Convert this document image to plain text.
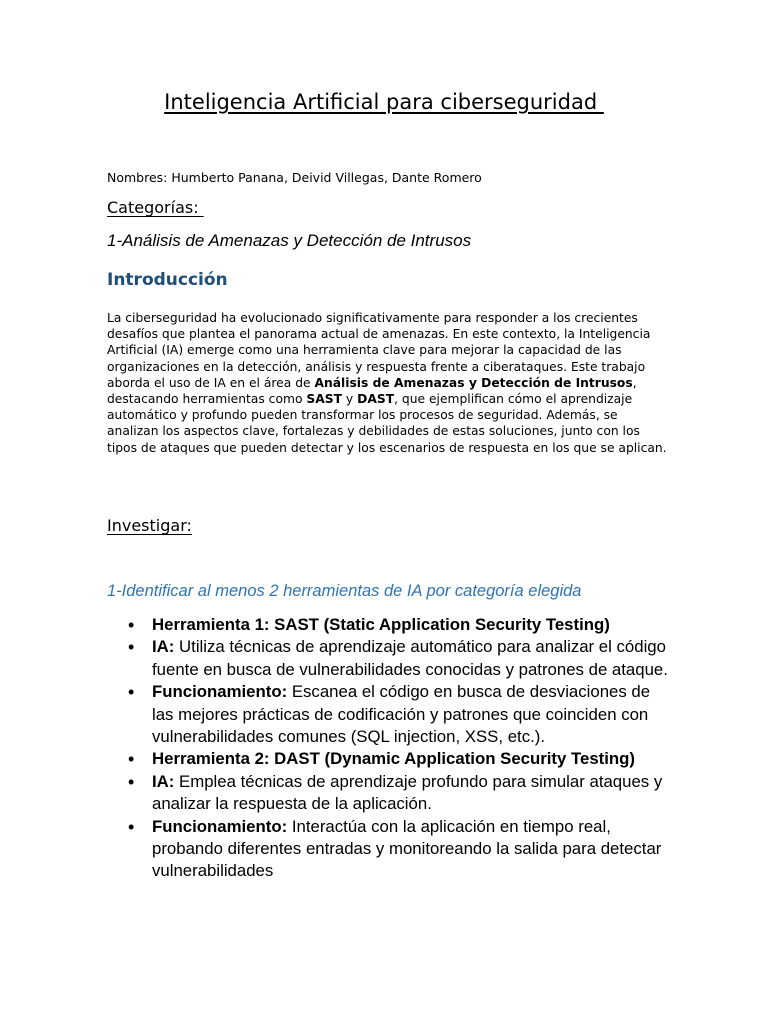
Inteligencia Artificial para ciberseguridad
Nombres: Humberto Panana, Deivid Villegas, Dante Romero
Categorías:
1-Análisis de Amenazas y Detección de Intrusos
Introducción

La ciberseguridad ha evolucionado significativamente para responder a los crecientes desafíos que plantea el panorama actual de amenazas. En este contexto, la Inteligencia Artificial (IA) emerge como una herramienta clave para mejorar la capacidad de las organizaciones en la detección, análisis y respuesta frente a ciberataques. Este trabajo aborda el uso de IA en el área de Análisis de Amenazas y Detección de Intrusos, destacando herramientas como SAST y DAST, que ejemplifican cómo el aprendizaje automático y profundo pueden transformar los procesos de seguridad. Además, se analizan los aspectos clave, fortalezas y debilidades de estas soluciones, junto con los tipos de ataques que pueden detectar y los escenarios de respuesta en los que se aplican.

Investigar:
1-Identificar al menos 2 herramientas de IA por categoría elegida
• Herramienta 1: SAST (Static Application Security Testing)
• IA: Utiliza técnicas de aprendizaje automático para analizar el código fuente en busca de vulnerabilidades conocidas y patrones de ataque.
• Funcionamiento: Escanea el código en busca de desviaciones de las mejores prácticas de codificación y patrones que coinciden con vulnerabilidades comunes (SQL injection, XSS, etc.).
• Herramienta 2: DAST (Dynamic Application Security Testing)
• IA: Emplea técnicas de aprendizaje profundo para simular ataques y analizar la respuesta de la aplicación.
• Funcionamiento: Interactúa con la aplicación en tiempo real, probando diferentes entradas y monitoreando la salida para detectar vulnerabilidades
